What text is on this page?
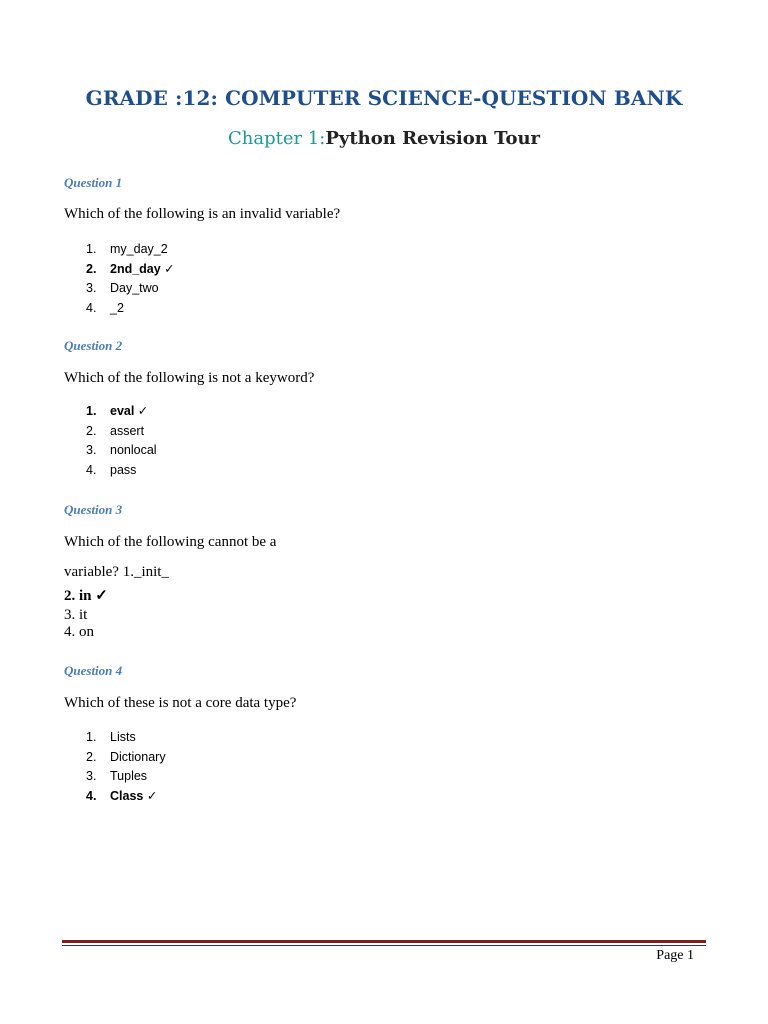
GRADE :12: COMPUTER SCIENCE-QUESTION BANK
Chapter 1:Python Revision Tour
Question 1
Which of the following is an invalid variable?
1. my_day_2
2. 2nd_day ✓
3. Day_two
4. _2
Question 2
Which of the following is not a keyword?
1. eval ✓
2. assert
3. nonlocal
4. pass
Question 3
Which of the following cannot be a
variable? 1._init_
2. in ✓
3. it
4. on
Question 4
Which of these is not a core data type?
1. Lists
2. Dictionary
3. Tuples
4. Class ✓
Page 1
